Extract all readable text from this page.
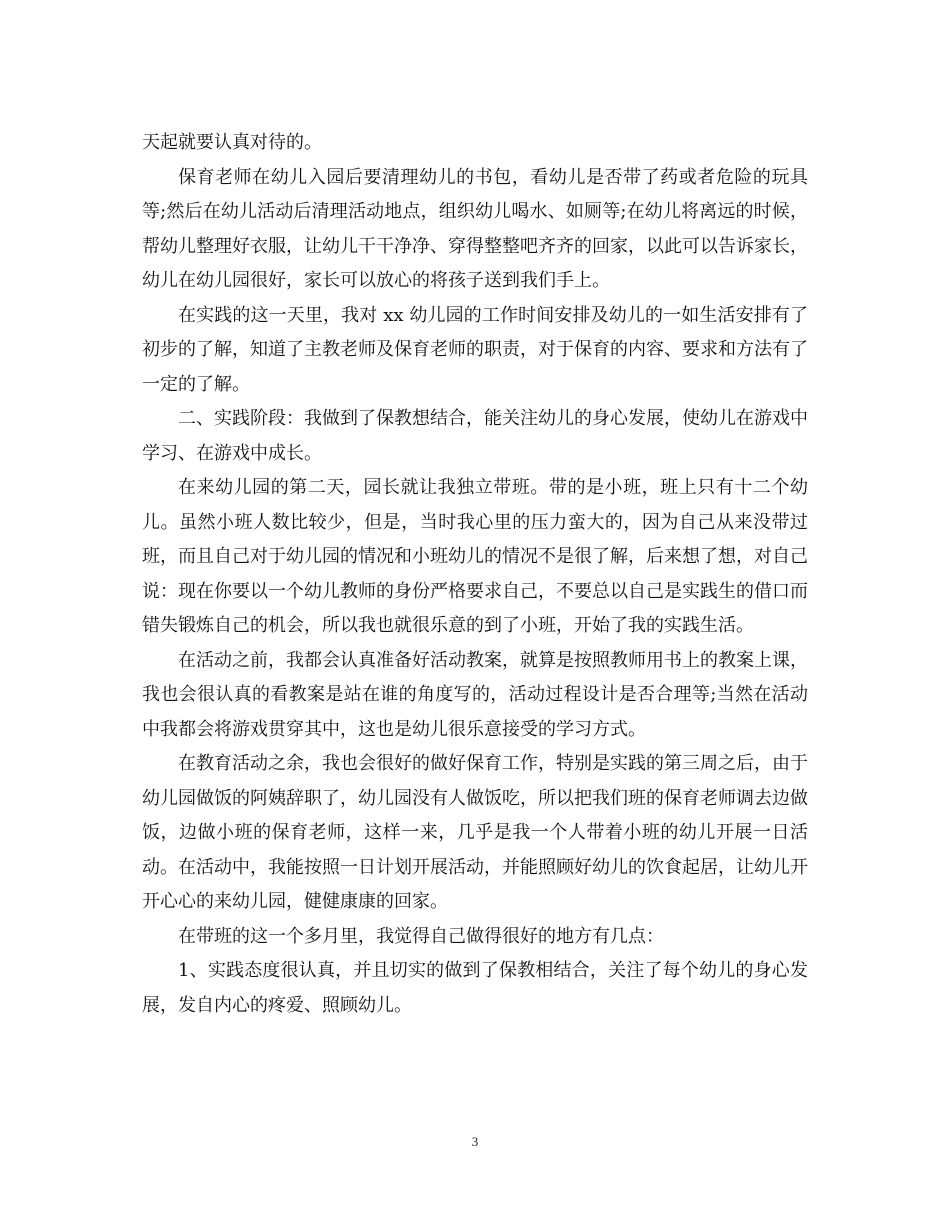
天起就要认真对待的。

保育老师在幼儿入园后要清理幼儿的书包，看幼儿是否带了药或者危险的玩具等;然后在幼儿活动后清理活动地点，组织幼儿喝水、如厕等;在幼儿将离远的时候，帮幼儿整理好衣服，让幼儿干干净净、穿得整整吧齐齐的回家，以此可以告诉家长，幼儿在幼儿园很好，家长可以放心的将孩子送到我们手上。

在实践的这一天里，我对 xx 幼儿园的工作时间安排及幼儿的一如生活安排有了初步的了解，知道了主教老师及保育老师的职责，对于保育的内容、要求和方法有了一定的了解。

二、实践阶段：我做到了保教想结合，能关注幼儿的身心发展，使幼儿在游戏中学习、在游戏中成长。

在来幼儿园的第二天，园长就让我独立带班。带的是小班，班上只有十二个幼儿。虽然小班人数比较少，但是，当时我心里的压力蛮大的，因为自己从来没带过班，而且自己对于幼儿园的情况和小班幼儿的情况不是很了解，后来想了想，对自己说：现在你要以一个幼儿教师的身份严格要求自己，不要总以自己是实践生的借口而错失锻炼自己的机会，所以我也就很乐意的到了小班，开始了我的实践生活。

在活动之前，我都会认真准备好活动教案，就算是按照教师用书上的教案上课，我也会很认真的看教案是站在谁的角度写的，活动过程设计是否合理等;当然在活动中我都会将游戏贯穿其中，这也是幼儿很乐意接受的学习方式。

在教育活动之余，我也会很好的做好保育工作，特别是实践的第三周之后，由于幼儿园做饭的阿姨辞职了，幼儿园没有人做饭吃，所以把我们班的保育老师调去边做饭，边做小班的保育老师，这样一来，几乎是我一个人带着小班的幼儿开展一日活动。在活动中，我能按照一日计划开展活动，并能照顾好幼儿的饮食起居，让幼儿开开心心的来幼儿园，健健康康的回家。

在带班的这一个多月里，我觉得自己做得很好的地方有几点：

1、实践态度很认真，并且切实的做到了保教相结合，关注了每个幼儿的身心发展，发自内心的疼爱、照顾幼儿。

3
